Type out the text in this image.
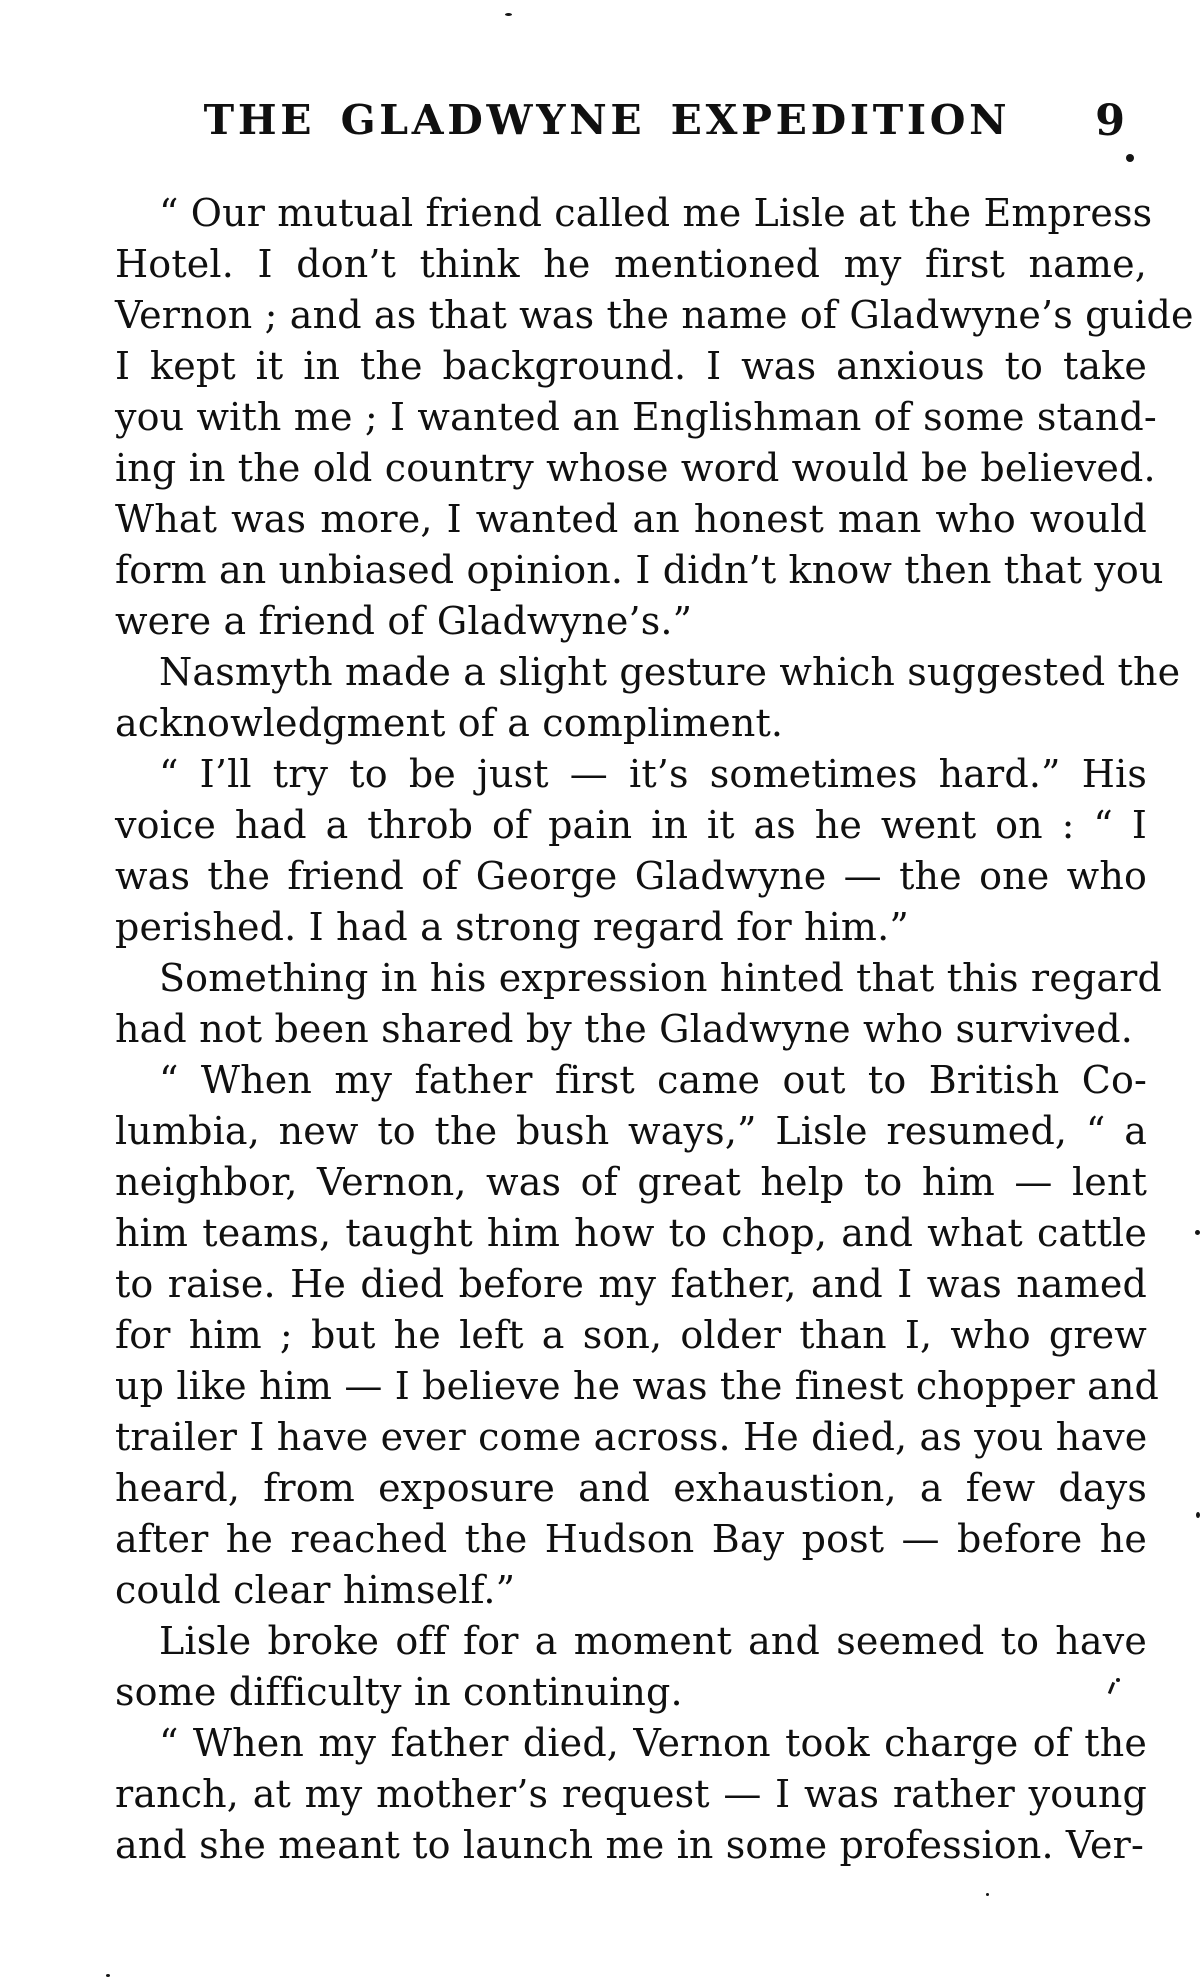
THE GLADWYNE EXPEDITION 9

“ Our mutual friend called me Lisle at the Empress
Hotel. I don’t think he mentioned my first name,
Vernon ; and as that was the name of Gladwyne’s guide
I kept it in the background. I was anxious to take
you with me ; I wanted an Englishman of some stand-
ing in the old country whose word would be believed.
What was more, I wanted an honest man who would
form an unbiased opinion. I didn’t know then that you
were a friend of Gladwyne’s.”

Nasmyth made a slight gesture which suggested the
acknowledgment of a compliment.

“ I’ll try to be just — it’s sometimes hard.” His
voice had a throb of pain in it as he went on : “ I
was the friend of George Gladwyne — the one who
perished. I had a strong regard for him.”

Something in his expression hinted that this regard
had not been shared by the Gladwyne who survived.

“ When my father first came out to British Co-
lumbia, new to the bush ways,” Lisle resumed, “ a
neighbor, Vernon, was of great help to him — lent
him teams, taught him how to chop, and what cattle
to raise. He died before my father, and I was named
for him ; but he left a son, older than I, who grew
up like him — I believe he was the finest chopper and
trailer I have ever come across. He died, as you have
heard, from exposure and exhaustion, a few days
after he reached the Hudson Bay post — before he
could clear himself.”

Lisle broke off for a moment and seemed to have
some difficulty in continuing.

“ When my father died, Vernon took charge of the
ranch, at my mother’s request — I was rather young
and she meant to launch me in some profession. Ver-
